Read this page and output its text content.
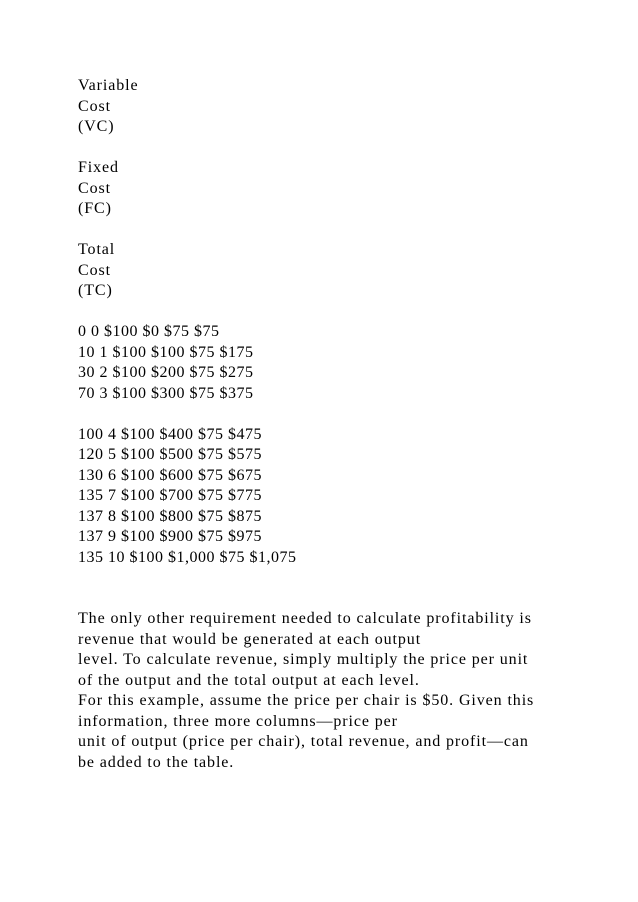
Variable
Cost
(VC)
Fixed
Cost
(FC)
Total
Cost
(TC)
0 0 $100 $0 $75 $75
10 1 $100 $100 $75 $175
30 2 $100 $200 $75 $275
70 3 $100 $300 $75 $375
100 4 $100 $400 $75 $475
120 5 $100 $500 $75 $575
130 6 $100 $600 $75 $675
135 7 $100 $700 $75 $775
137 8 $100 $800 $75 $875
137 9 $100 $900 $75 $975
135 10 $100 $1,000 $75 $1,075
The only other requirement needed to calculate profitability is
revenue that would be generated at each output
level. To calculate revenue, simply multiply the price per unit
of the output and the total output at each level.
For this example, assume the price per chair is $50. Given this
information, three more columns—price per
unit of output (price per chair), total revenue, and profit—can
be added to the table.
